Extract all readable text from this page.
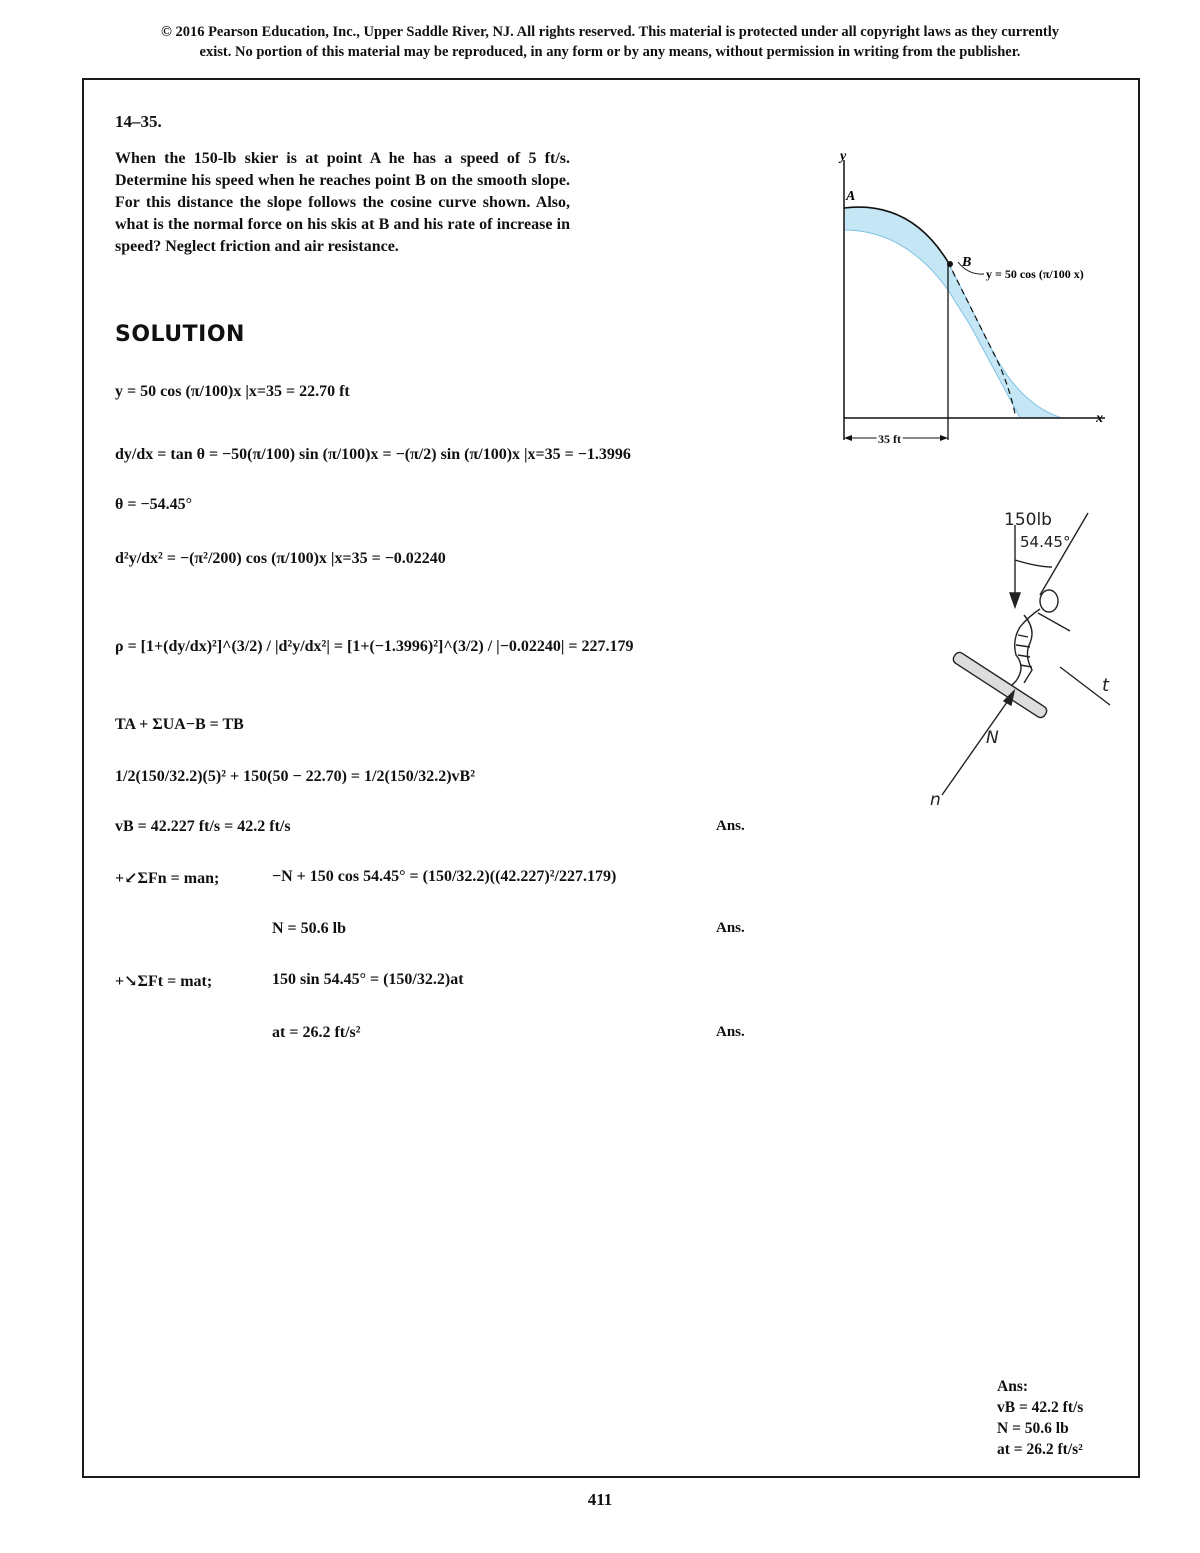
© 2016 Pearson Education, Inc., Upper Saddle River, NJ. All rights reserved. This material is protected under all copyright laws as they currently
exist. No portion of this material may be reproduced, in any form or by any means, without permission in writing from the publisher.
14–35.
When the 150-lb skier is at point A he has a speed of 5 ft/s. Determine his speed when he reaches point B on the smooth slope. For this distance the slope follows the cosine curve shown. Also, what is the normal force on his skis at B and his rate of increase in speed? Neglect friction and air resistance.
y
x
A
B
y = 50 cos (π/100 x)
35 ft
150lb
54.45°
N
n
t
SOLUTION
y = 50 cos (π/100)x |x=35 = 22.70 ft
dy/dx = tan θ = −50(π/100) sin (π/100)x = −(π/2) sin (π/100)x |x=35 = −1.3996
θ = −54.45°
d²y/dx² = −(π²/200) cos (π/100)x |x=35 = −0.02240
ρ = [1+(dy/dx)²]^(3/2) / |d²y/dx²| = [1+(−1.3996)²]^(3/2) / |−0.02240| = 227.179
TA + ΣUA−B = TB
1/2(150/32.2)(5)² + 150(50 − 22.70) = 1/2(150/32.2)vB²
vB = 42.227 ft/s = 42.2 ft/s	Ans.
+↙ΣFn = man;	−N + 150 cos 54.45° = (150/32.2)((42.227)²/227.179)
N = 50.6 lb	Ans.
+↘ΣFt = mat;	150 sin 54.45° = (150/32.2)at
at = 26.2 ft/s²	Ans.
Ans:
vB = 42.2 ft/s
N = 50.6 lb
at = 26.2 ft/s²
411
